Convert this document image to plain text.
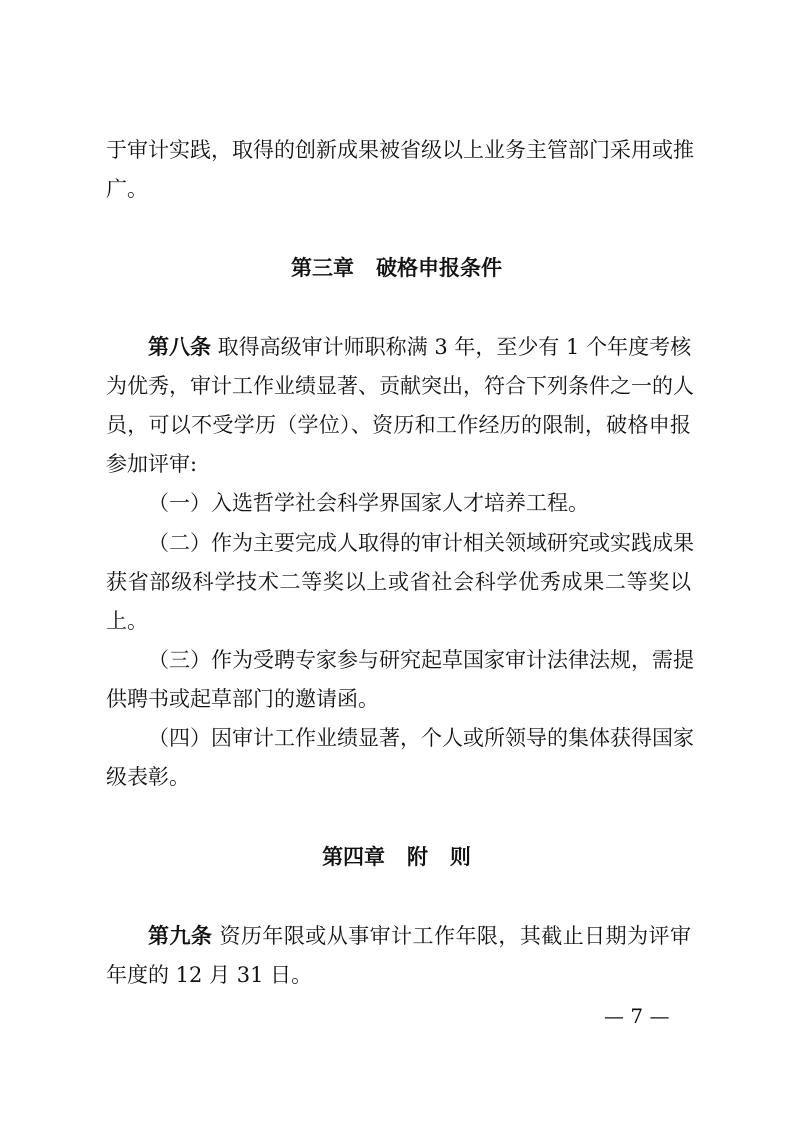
于审计实践，取得的创新成果被省级以上业务主管部门采用或推
广。
第三章   破格申报条件
第八条 取得高级审计师职称满 3 年，至少有 1 个年度考核
为优秀，审计工作业绩显著、贡献突出，符合下列条件之一的人
员，可以不受学历（学位）、资历和工作经历的限制，破格申报
参加评审:
（一）入选哲学社会科学界国家人才培养工程。
（二）作为主要完成人取得的审计相关领域研究或实践成果
获省部级科学技术二等奖以上或省社会科学优秀成果二等奖以
上。
（三）作为受聘专家参与研究起草国家审计法律法规，需提
供聘书或起草部门的邀请函。
（四）因审计工作业绩显著，个人或所领导的集体获得国家
级表彰。
第四章   附   则
第九条 资历年限或从事审计工作年限，其截止日期为评审
年度的 12 月 31 日。
— 7 —
